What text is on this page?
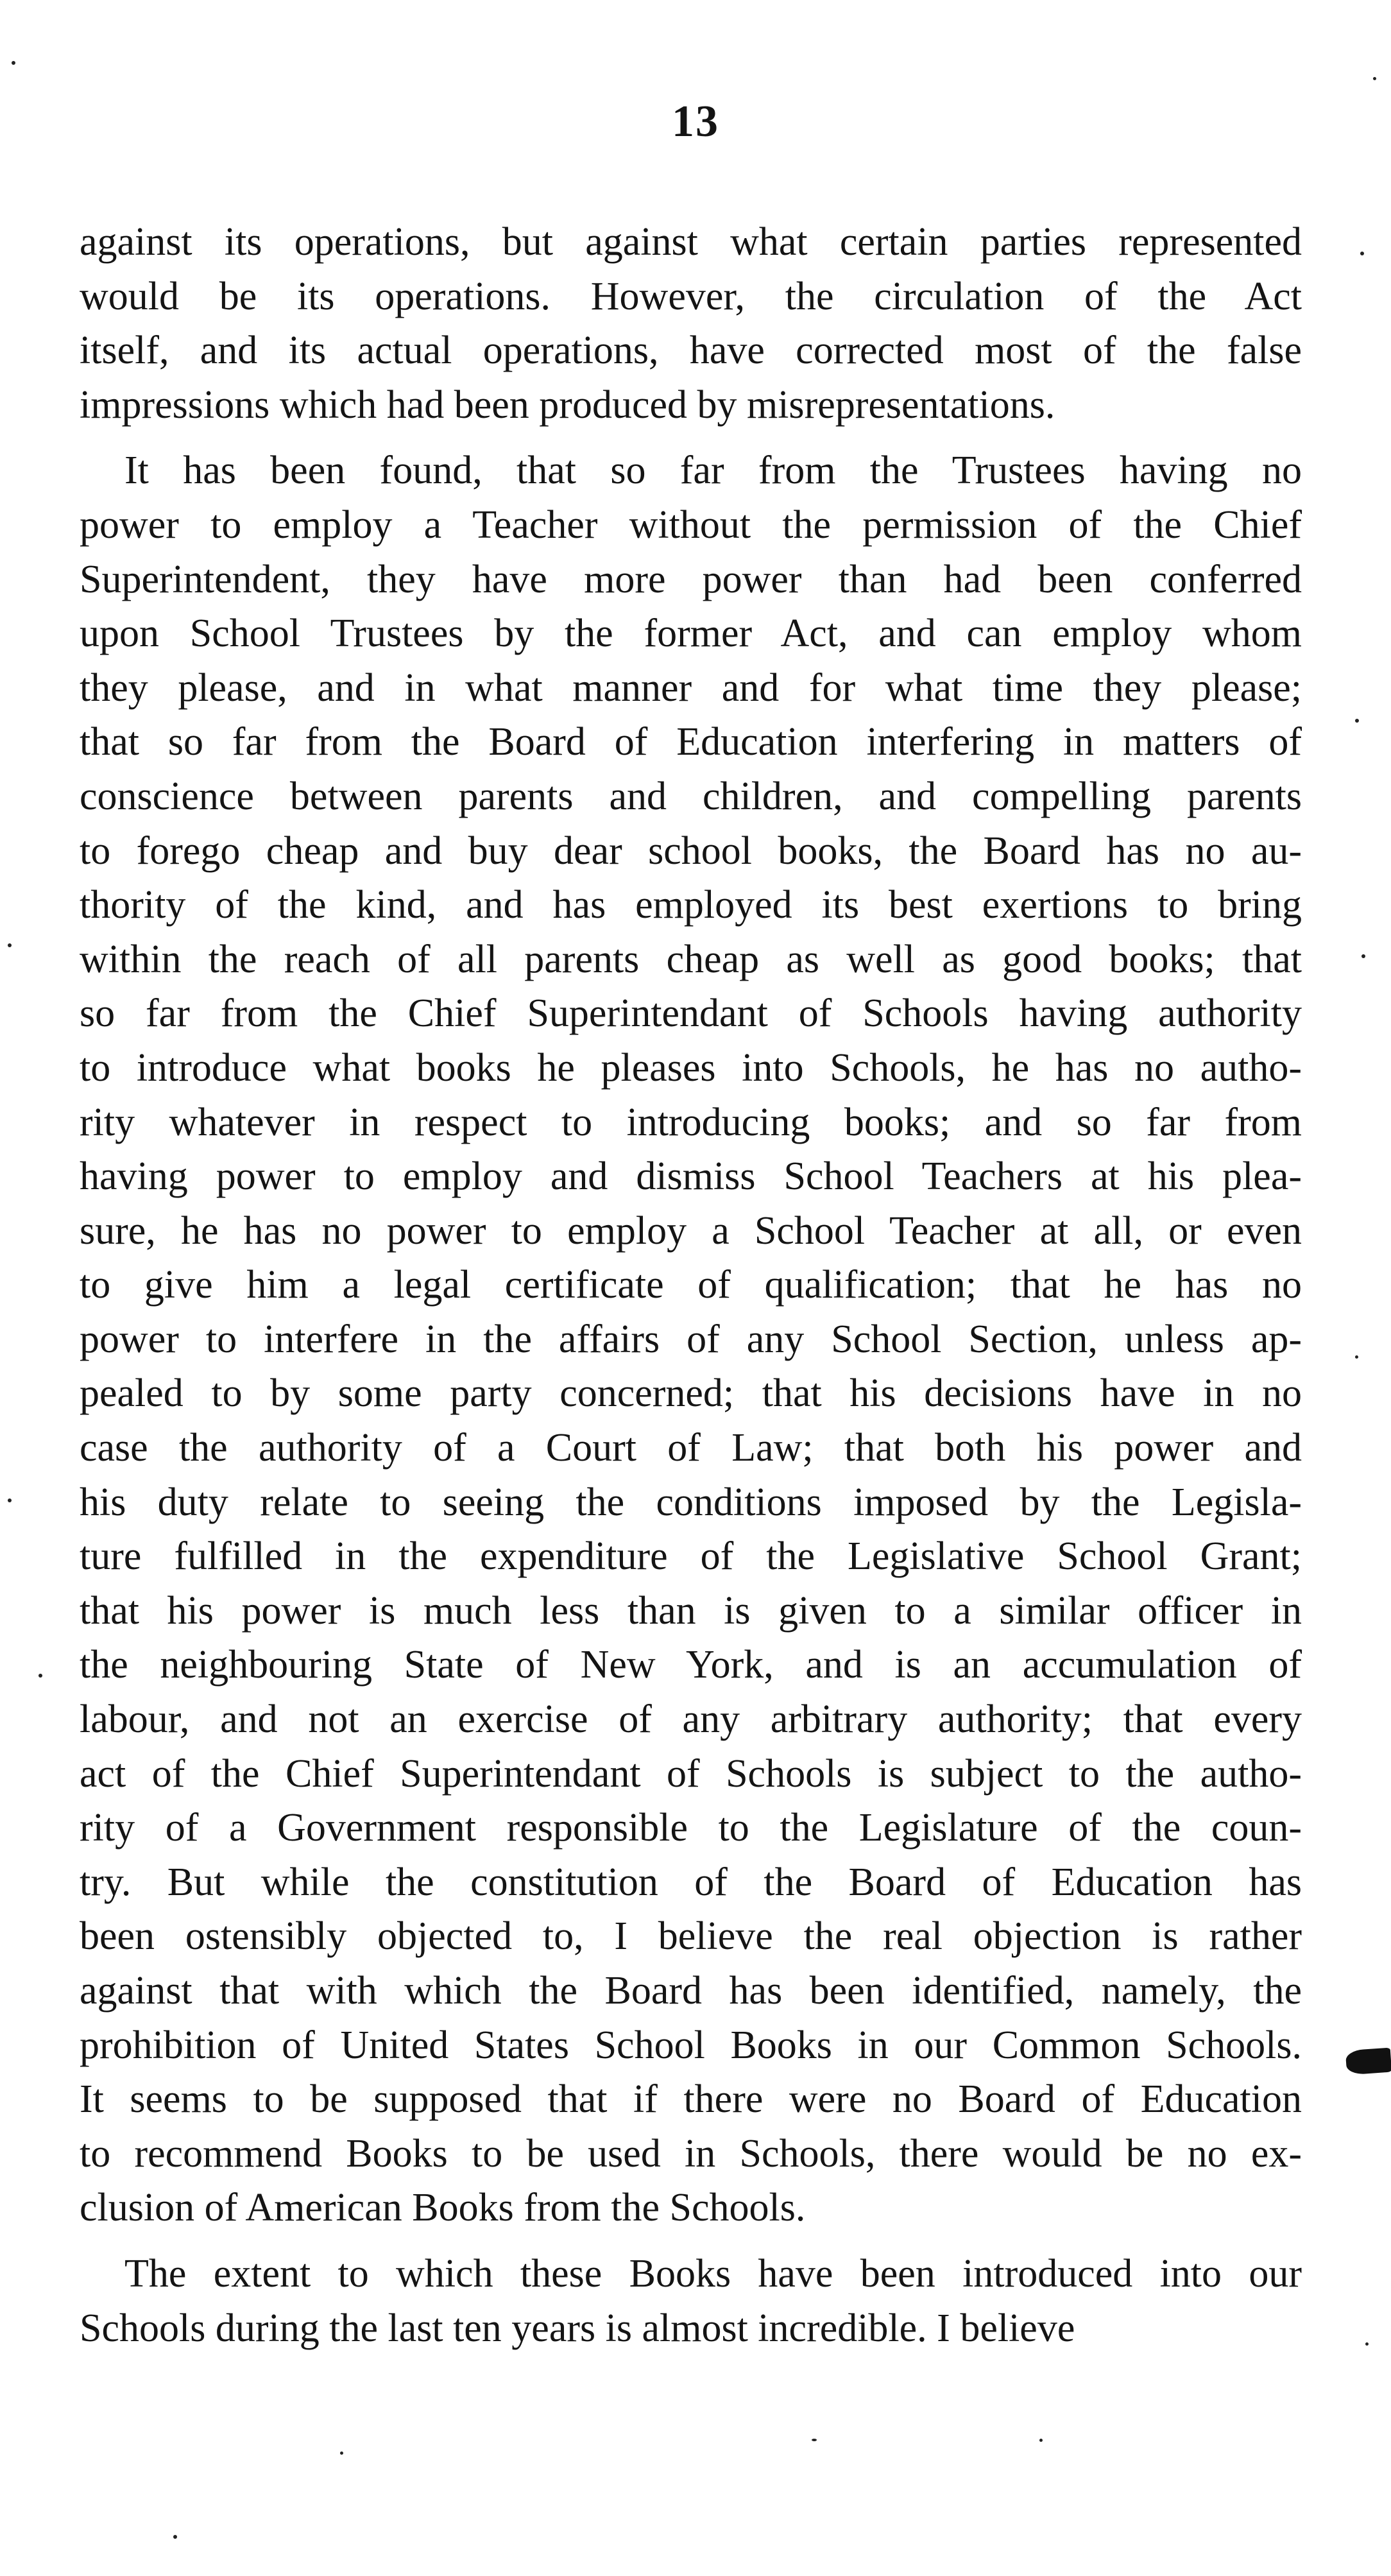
13
against its operations, but against what certain parties represented
would be its operations. However, the circulation of the Act
itself, and its actual operations, have corrected most of the false
impressions which had been produced by misrepresentations.
It has been found, that so far from the Trustees having no
power to employ a Teacher without the permission of the Chief
Superintendent, they have more power than had been conferred
upon School Trustees by the former Act, and can employ whom
they please, and in what manner and for what time they please;
that so far from the Board of Education interfering in matters of
conscience between parents and children, and compelling parents
to forego cheap and buy dear school books, the Board has no au-
thority of the kind, and has employed its best exertions to bring
within the reach of all parents cheap as well as good books; that
so far from the Chief Superintendant of Schools having authority
to introduce what books he pleases into Schools, he has no autho-
rity whatever in respect to introducing books; and so far from
having power to employ and dismiss School Teachers at his plea-
sure, he has no power to employ a School Teacher at all, or even
to give him a legal certificate of qualification; that he has no
power to interfere in the affairs of any School Section, unless ap-
pealed to by some party concerned; that his decisions have in no
case the authority of a Court of Law; that both his power and
his duty relate to seeing the conditions imposed by the Legisla-
ture fulfilled in the expenditure of the Legislative School Grant;
that his power is much less than is given to a similar officer in
the neighbouring State of New York, and is an accumulation of
labour, and not an exercise of any arbitrary authority; that every
act of the Chief Superintendant of Schools is subject to the autho-
rity of a Government responsible to the Legislature of the coun-
try. But while the constitution of the Board of Education has
been ostensibly objected to, I believe the real objection is rather
against that with which the Board has been identified, namely, the
prohibition of United States School Books in our Common Schools.
It seems to be supposed that if there were no Board of Education
to recommend Books to be used in Schools, there would be no ex-
clusion of American Books from the Schools.
The extent to which these Books have been introduced into our
Schools during the last ten years is almost incredible. I believe
